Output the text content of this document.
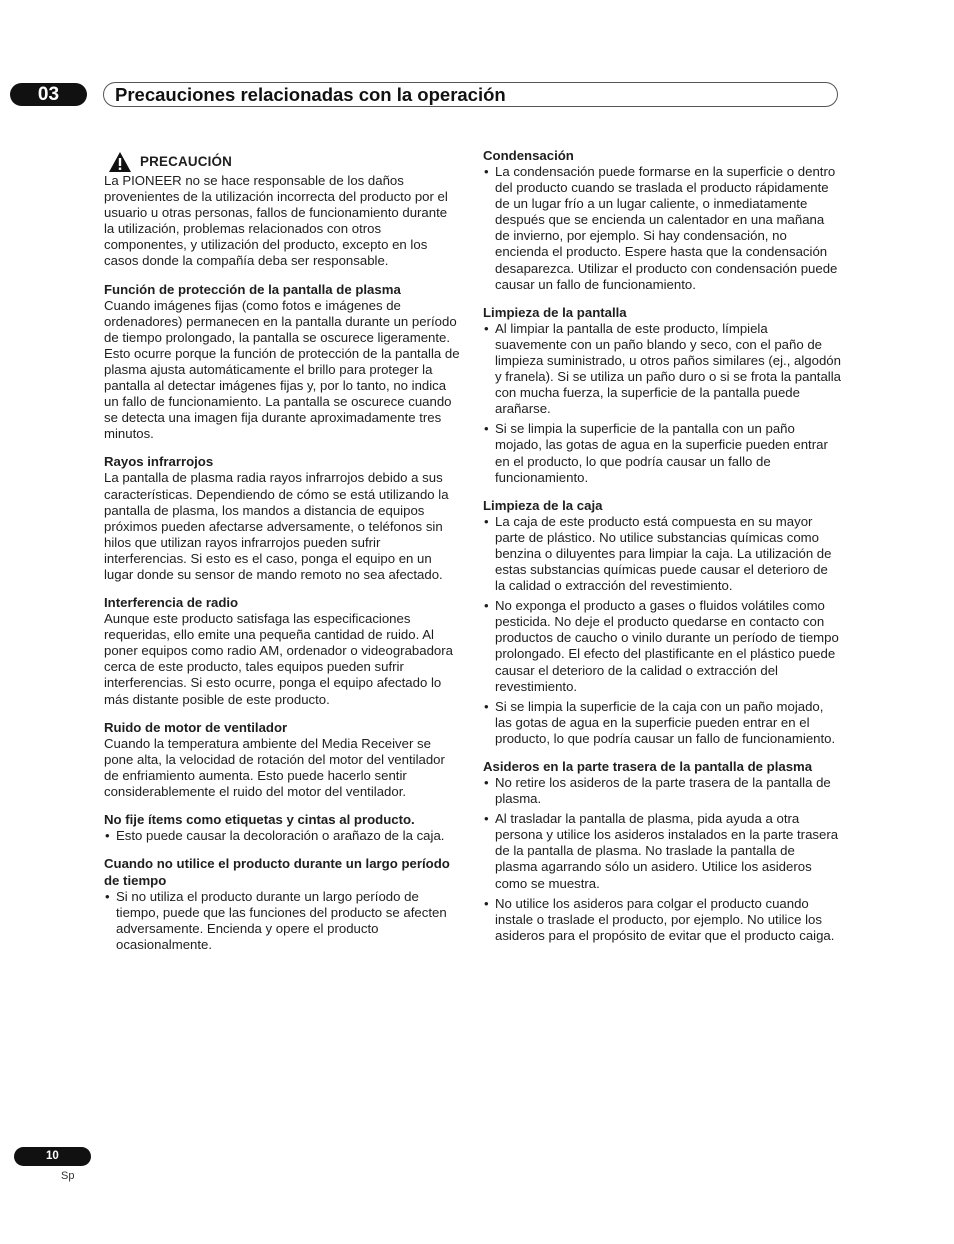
03	Precauciones relacionadas con la operación
PRECAUCIÓN
La PIONEER no se hace responsable de los daños provenientes de la utilización incorrecta del producto por el usuario u otras personas, fallos de funcionamiento durante la utilización, problemas relacionados con otros componentes, y utilización del producto, excepto en los casos donde la compañía deba ser responsable.
Función de protección de la pantalla de plasma
Cuando imágenes fijas (como fotos e imágenes de ordenadores) permanecen en la pantalla durante un período de tiempo prolongado, la pantalla se oscurece ligeramente. Esto ocurre porque la función de protección de la pantalla de plasma ajusta automáticamente el brillo para proteger la pantalla al detectar imágenes fijas y, por lo tanto, no indica un fallo de funcionamiento. La pantalla se oscurece cuando se detecta una imagen fija durante aproximadamente tres minutos.
Rayos infrarrojos
La pantalla de plasma radia rayos infrarrojos debido a sus características. Dependiendo de cómo se está utilizando la pantalla de plasma, los mandos a distancia de equipos próximos pueden afectarse adversamente, o teléfonos sin hilos que utilizan rayos infrarrojos pueden sufrir interferencias. Si esto es el caso, ponga el equipo en un lugar donde su sensor de mando remoto no sea afectado.
Interferencia de radio
Aunque este producto satisfaga las especificaciones requeridas, ello emite una pequeña cantidad de ruido. Al poner equipos como radio AM, ordenador o videograbadora cerca de este producto, tales equipos pueden sufrir interferencias. Si esto ocurre, ponga el equipo afectado lo más distante posible de este producto.
Ruido de motor de ventilador
Cuando la temperatura ambiente del Media Receiver se pone alta, la velocidad de rotación del motor del ventilador de enfriamiento aumenta. Esto puede hacerlo sentir considerablemente el ruido del motor del ventilador.
No fije ítems como etiquetas y cintas al producto.
• Esto puede causar la decoloración o arañazo de la caja.
Cuando no utilice el producto durante un largo período de tiempo
• Si no utiliza el producto durante un largo período de tiempo, puede que las funciones del producto se afecten adversamente. Encienda y opere el producto ocasionalmente.
Condensación
• La condensación puede formarse en la superficie o dentro del producto cuando se traslada el producto rápidamente de un lugar frío a un lugar caliente, o inmediatamente después que se encienda un calentador en una mañana de invierno, por ejemplo. Si hay condensación, no encienda el producto. Espere hasta que la condensación desaparezca. Utilizar el producto con condensación puede causar un fallo de funcionamiento.
Limpieza de la pantalla
• Al limpiar la pantalla de este producto, límpiela suavemente con un paño blando y seco, con el paño de limpieza suministrado, u otros paños similares (ej., algodón y franela). Si se utiliza un paño duro o si se frota la pantalla con mucha fuerza, la superficie de la pantalla puede arañarse.
• Si se limpia la superficie de la pantalla con un paño mojado, las gotas de agua en la superficie pueden entrar en el producto, lo que podría causar un fallo de funcionamiento.
Limpieza de la caja
• La caja de este producto está compuesta en su mayor parte de plástico. No utilice substancias químicas como benzina o diluyentes para limpiar la caja. La utilización de estas substancias químicas puede causar el deterioro de la calidad o extracción del revestimiento.
• No exponga el producto a gases o fluidos volátiles como pesticida. No deje el producto quedarse en contacto con productos de caucho o vinilo durante un período de tiempo prolongado. El efecto del plastificante en el plástico puede causar el deterioro de la calidad o extracción del revestimiento.
• Si se limpia la superficie de la caja con un paño mojado, las gotas de agua en la superficie pueden entrar en el producto, lo que podría causar un fallo de funcionamiento.
Asideros en la parte trasera de la pantalla de plasma
• No retire los asideros de la parte trasera de la pantalla de plasma.
• Al trasladar la pantalla de plasma, pida ayuda a otra persona y utilice los asideros instalados en la parte trasera de la pantalla de plasma. No traslade la pantalla de plasma agarrando sólo un asidero. Utilice los asideros como se muestra.
• No utilice los asideros para colgar el producto cuando instale o traslade el producto, por ejemplo. No utilice los asideros para el propósito de evitar que el producto caiga.
10
Sp
